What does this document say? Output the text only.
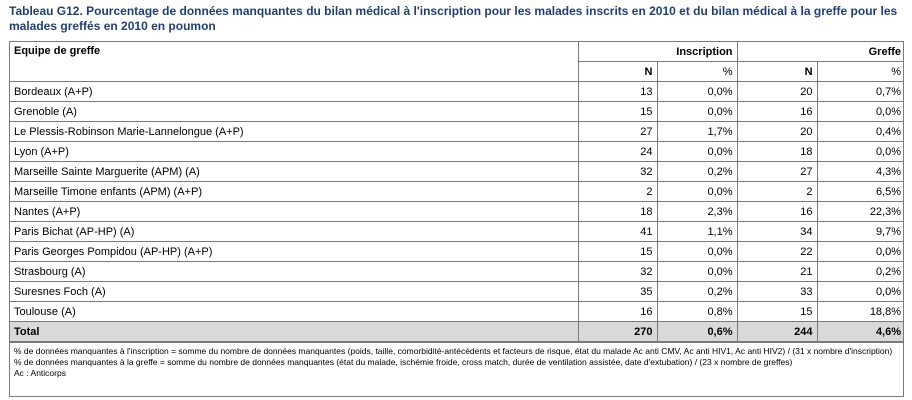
Tableau G12. Pourcentage de données manquantes du bilan médical à l'inscription pour les malades inscrits en 2010 et du bilan médical à la greffe pour les malades greffés en 2010 en poumon
Equipe de greffe	Inscription		Greffe	
	N	%	N	%
Bordeaux (A+P)	13	0,0%	20	0,7%
Grenoble (A)	15	0,0%	16	0,0%
Le Plessis-Robinson Marie-Lannelongue (A+P)	27	1,7%	20	0,4%
Lyon (A+P)	24	0,0%	18	0,0%
Marseille Sainte Marguerite (APM) (A)	32	0,2%	27	4,3%
Marseille Timone enfants (APM) (A+P)	2	0,0%	2	6,5%
Nantes (A+P)	18	2,3%	16	22,3%
Paris Bichat (AP-HP) (A)	41	1,1%	34	9,7%
Paris Georges Pompidou (AP-HP) (A+P)	15	0,0%	22	0,0%
Strasbourg (A)	32	0,0%	21	0,2%
Suresnes Foch (A)	35	0,2%	33	0,0%
Toulouse (A)	16	0,8%	15	18,8%
Total	270	0,6%	244	4,6%
% de données manquantes à l'inscription = somme du nombre de données manquantes (poids, taille, comorbidité-antécédents et facteurs de risque, état du malade Ac anti CMV, Ac anti HIV1, Ac anti HIV2) / (31 x nombre d'inscription)
% de données manquantes à la greffe = somme du nombre de données manquantes (état du malade, ischémie froide, cross match, durée de ventilation assistée, date d'extubation) / (23 x nombre de greffes)
Ac : Anticorps
